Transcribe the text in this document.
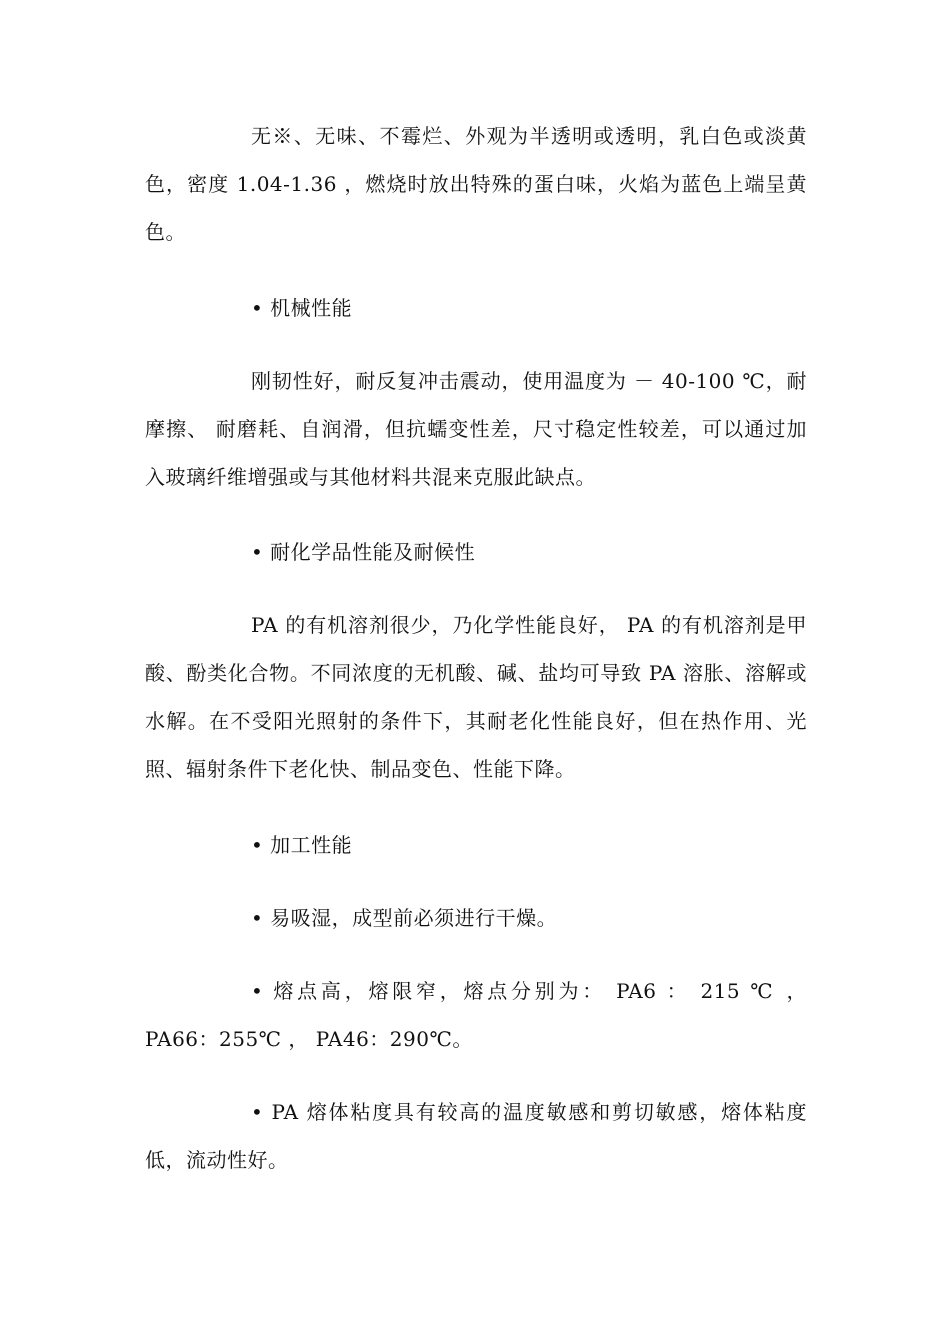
无※、无味、不霉烂、外观为半透明或透明，乳白色或淡黄色，密度 1.04-1.36 ，燃烧时放出特殊的蛋白味，火焰为蓝色上端呈黄色。

• 机械性能

刚韧性好，耐反复冲击震动，使用温度为 － 40-100 ℃，耐摩擦、 耐磨耗、自润滑，但抗蠕变性差，尺寸稳定性较差，可以通过加入玻璃纤维增强或与其他材料共混来克服此缺点。

• 耐化学品性能及耐候性

PA 的有机溶剂很少，乃化学性能良好， PA 的有机溶剂是甲酸、酚类化合物。不同浓度的无机酸、碱、盐均可导致 PA 溶胀、溶解或水解。在不受阳光照射的条件下，其耐老化性能良好，但在热作用、光照、辐射条件下老化快、制品变色、性能下降。

• 加工性能

• 易吸湿，成型前必须进行干燥。

• 熔点高，熔限窄，熔点分别为： PA6 ： 215 ℃ ， PA66：255℃ ， PA46：290℃。

• PA 熔体粘度具有较高的温度敏感和剪切敏感，熔体粘度低，流动性好。
